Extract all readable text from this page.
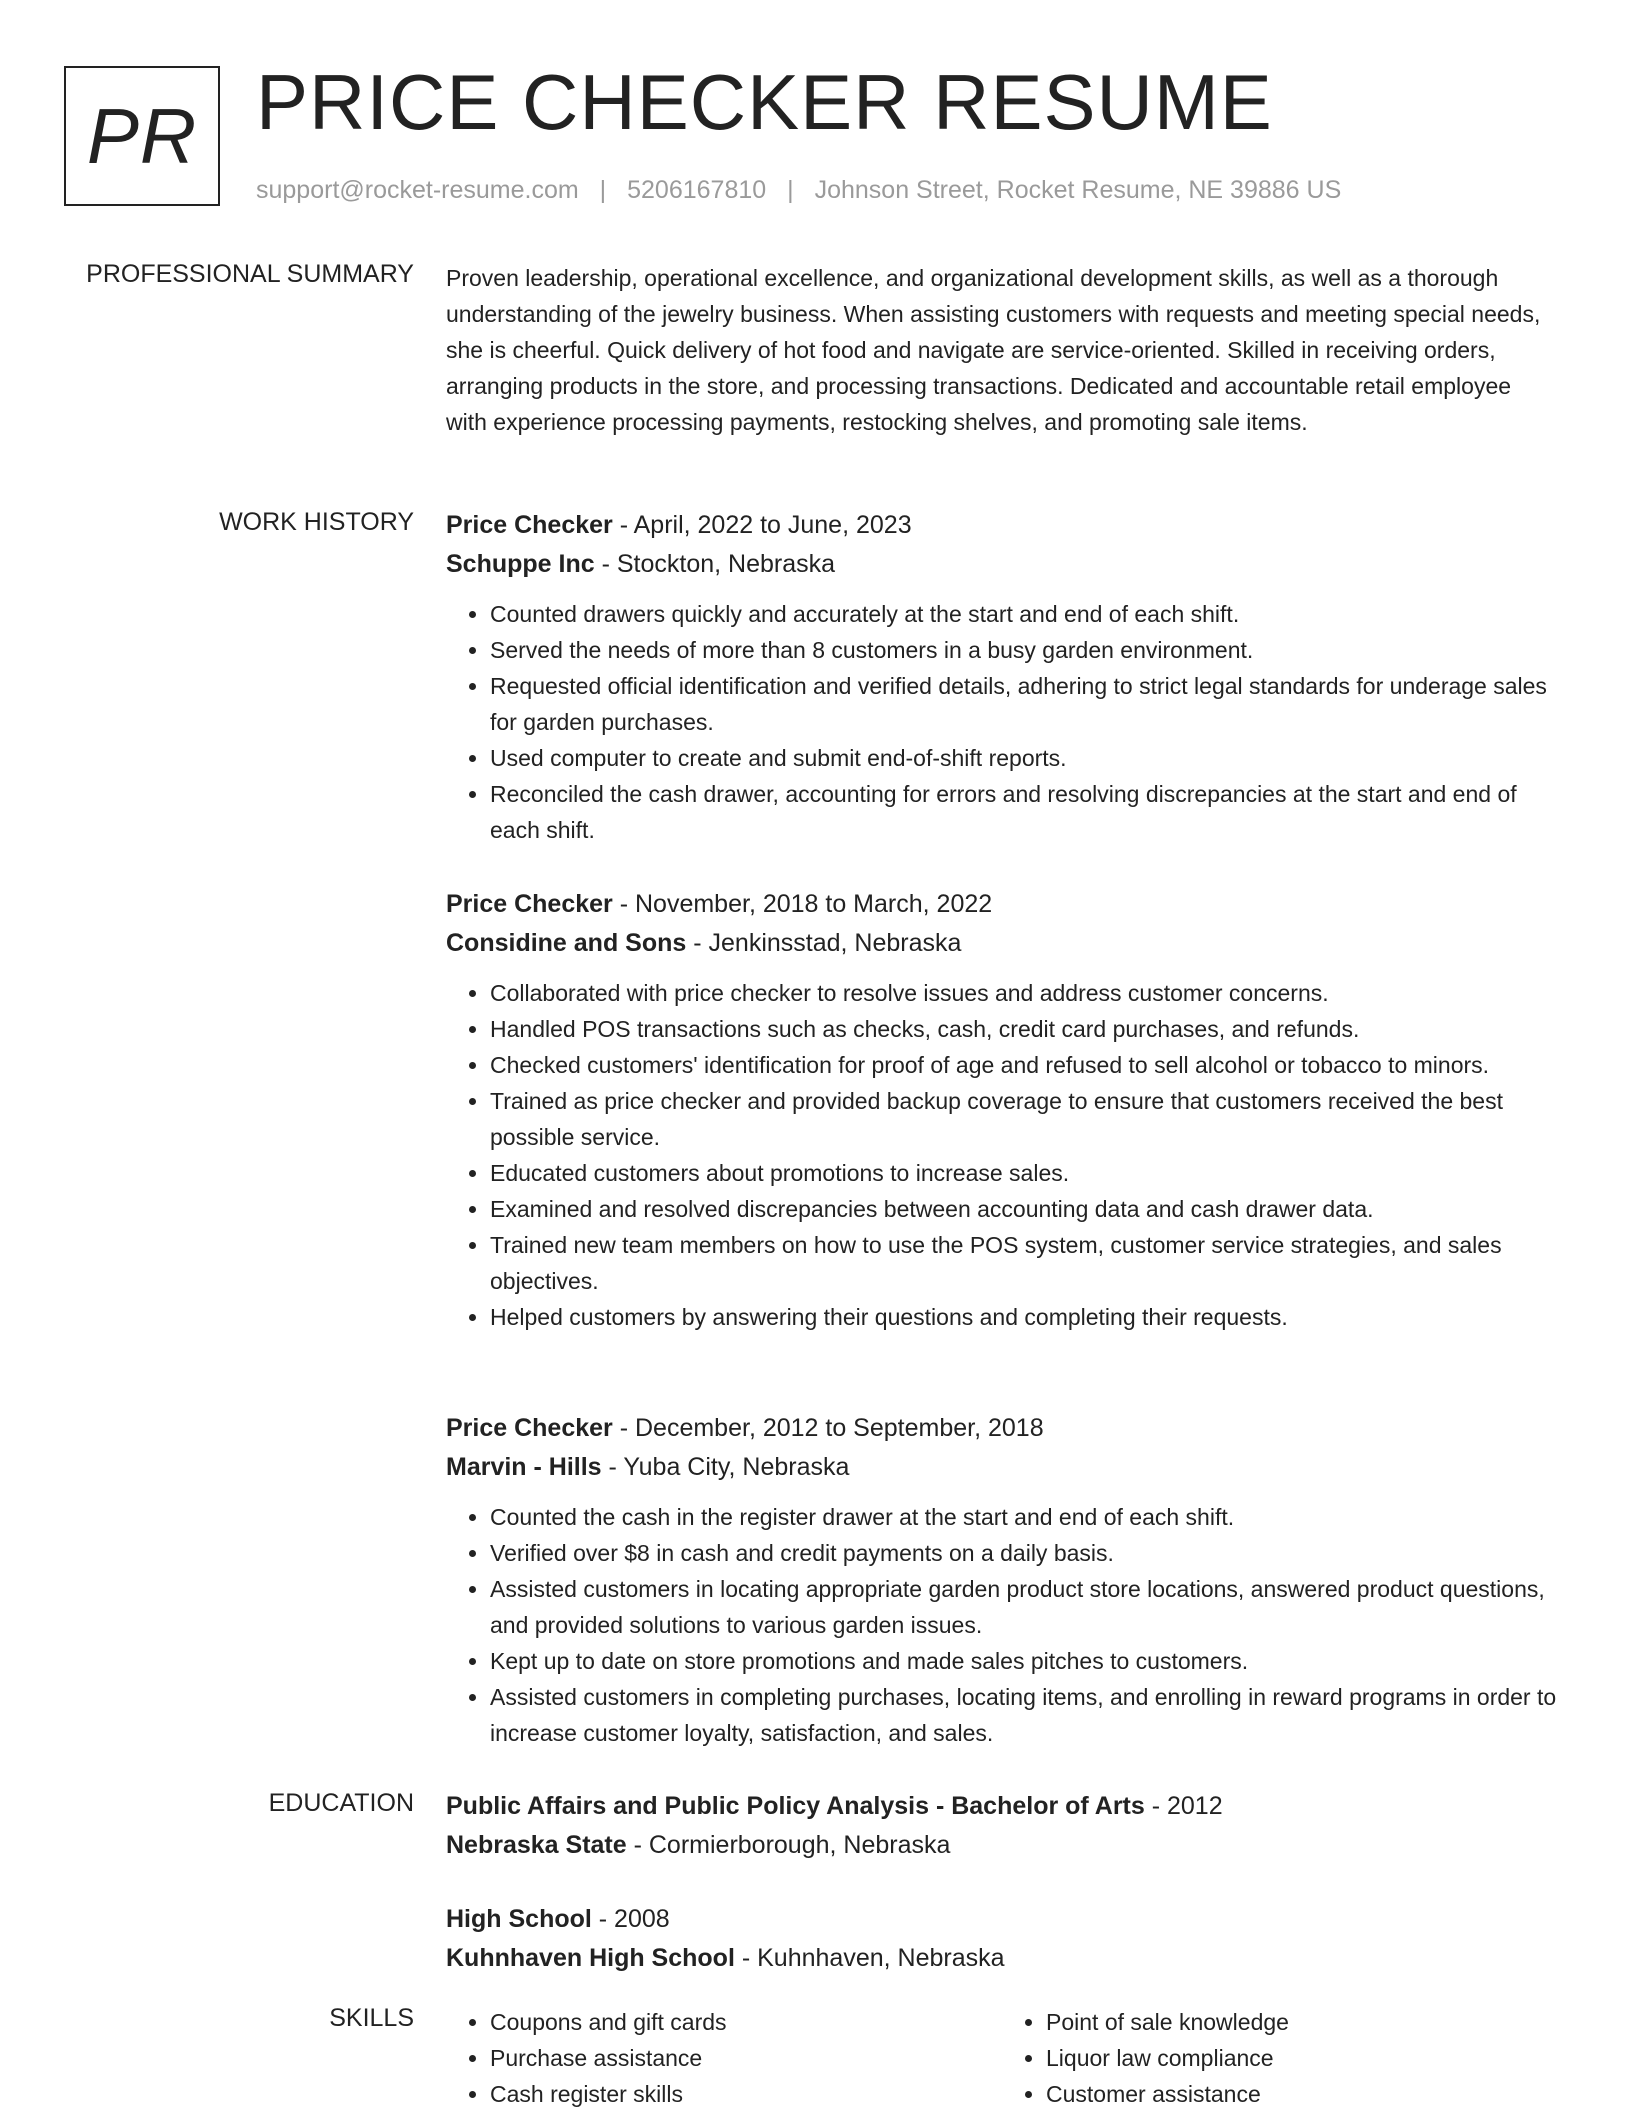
PR PRICE CHECKER RESUME
support@rocket-resume.com | 5206167810 | Johnson Street, Rocket Resume, NE 39886 US
PROFESSIONAL SUMMARY Proven leadership, operational excellence, and organizational development skills, as well as a thorough understanding of the jewelry business. When assisting customers with requests and meeting special needs, she is cheerful. Quick delivery of hot food and navigate are service-oriented. Skilled in receiving orders, arranging products in the store, and processing transactions. Dedicated and accountable retail employee with experience processing payments, restocking shelves, and promoting sale items.
WORK HISTORY Price Checker - April, 2022 to June, 2023
Schuppe Inc - Stockton, Nebraska
• Counted drawers quickly and accurately at the start and end of each shift.
• Served the needs of more than 8 customers in a busy garden environment.
• Requested official identification and verified details, adhering to strict legal standards for underage sales for garden purchases.
• Used computer to create and submit end-of-shift reports.
• Reconciled the cash drawer, accounting for errors and resolving discrepancies at the start and end of each shift.
Price Checker - November, 2018 to March, 2022
Considine and Sons - Jenkinsstad, Nebraska
• Collaborated with price checker to resolve issues and address customer concerns.
• Handled POS transactions such as checks, cash, credit card purchases, and refunds.
• Checked customers' identification for proof of age and refused to sell alcohol or tobacco to minors.
• Trained as price checker and provided backup coverage to ensure that customers received the best possible service.
• Educated customers about promotions to increase sales.
• Examined and resolved discrepancies between accounting data and cash drawer data.
• Trained new team members on how to use the POS system, customer service strategies, and sales objectives.
• Helped customers by answering their questions and completing their requests.
Price Checker - December, 2012 to September, 2018
Marvin - Hills - Yuba City, Nebraska
• Counted the cash in the register drawer at the start and end of each shift.
• Verified over $8 in cash and credit payments on a daily basis.
• Assisted customers in locating appropriate garden product store locations, answered product questions, and provided solutions to various garden issues.
• Kept up to date on store promotions and made sales pitches to customers.
• Assisted customers in completing purchases, locating items, and enrolling in reward programs in order to increase customer loyalty, satisfaction, and sales.
EDUCATION Public Affairs and Public Policy Analysis - Bachelor of Arts - 2012
Nebraska State - Cormierborough, Nebraska
High School - 2008
Kuhnhaven High School - Kuhnhaven, Nebraska
SKILLS
•	Coupons and gift cards
• Purchase assistance
• Cash register skills
• Point of sale knowledge
• Liquor law compliance
• Customer assistance
